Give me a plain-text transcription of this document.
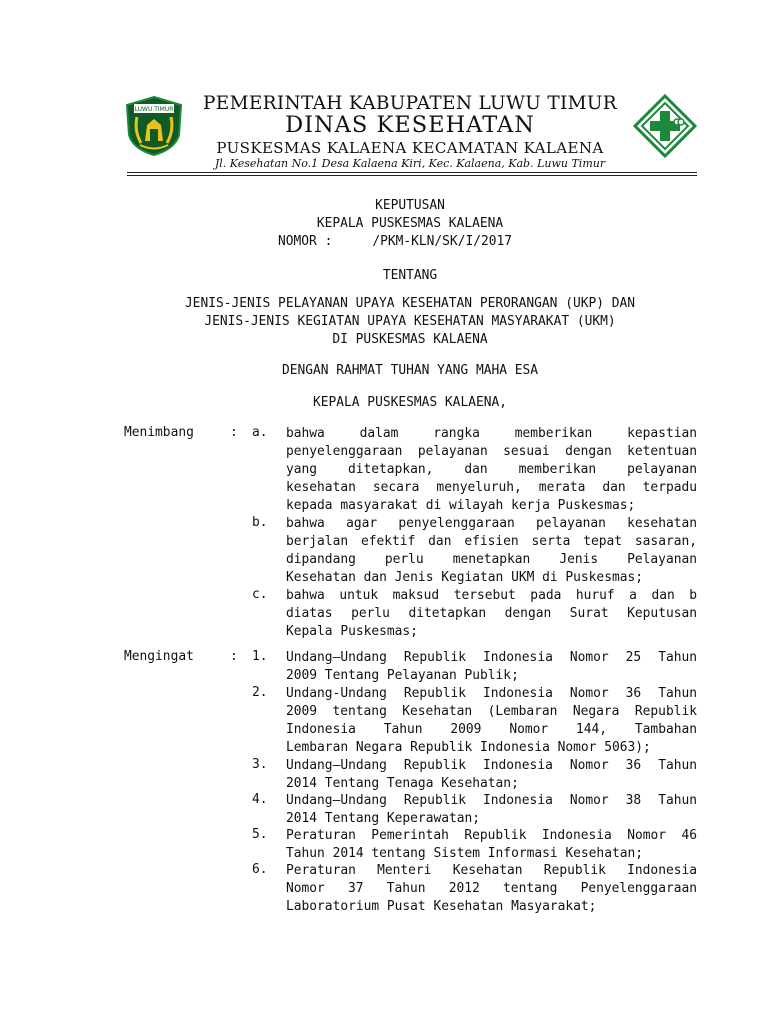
LUWU TIMUR	PEMERINTAH KABUPATEN LUWU TIMUR
DINAS KESEHATAN
PUSKESMAS KALAENA KECAMATAN KALAENA
Jl. Kesehatan No.1 Desa Kalaena Kiri, Kec. Kalaena, Kab. Luwu Timur
KEPUTUSAN
KEPALA PUSKESMAS KALAENA
NOMOR :	/PKM-KLN/SK/I/2017
TENTANG
JENIS-JENIS PELAYANAN UPAYA KESEHATAN PERORANGAN (UKP) DAN
JENIS-JENIS KEGIATAN UPAYA KESEHATAN MASYARAKAT (UKM)
DI PUSKESMAS KALAENA
DENGAN RAHMAT TUHAN YANG MAHA ESA
KEPALA PUSKESMAS KALAENA,
Menimbang	: a. bahwa dalam rangka memberikan kepastian
penyelenggaraan pelayanan sesuai dengan ketentuan
yang ditetapkan, dan memberikan pelayanan
kesehatan secara menyeluruh, merata dan terpadu
kepada masyarakat di wilayah kerja Puskesmas;
b. bahwa agar penyelenggaraan pelayanan kesehatan
berjalan efektif dan efisien serta tepat sasaran,
dipandang perlu menetapkan Jenis Pelayanan
Kesehatan dan Jenis Kegiatan UKM di Puskesmas;
c. bahwa untuk maksud tersebut pada huruf a dan b
diatas perlu ditetapkan dengan Surat Keputusan
Kepala Puskesmas;
Mengingat	: 1. Undang–Undang Republik Indonesia Nomor 25 Tahun
2009 Tentang Pelayanan Publik;
2. Undang-Undang Republik Indonesia Nomor 36 Tahun
2009 tentang Kesehatan (Lembaran Negara Republik
Indonesia Tahun 2009 Nomor 144, Tambahan
Lembaran Negara Republik Indonesia Nomor 5063);
3. Undang–Undang Republik Indonesia Nomor 36 Tahun
2014 Tentang Tenaga Kesehatan;
4. Undang–Undang Republik Indonesia Nomor 38 Tahun
2014 Tentang Keperawatan;
5. Peraturan Pemerintah Republik Indonesia Nomor 46
Tahun 2014 tentang Sistem Informasi Kesehatan;
6. Peraturan Menteri Kesehatan Republik Indonesia
Nomor 37 Tahun 2012 tentang Penyelenggaraan
Laboratorium Pusat Kesehatan Masyarakat;
